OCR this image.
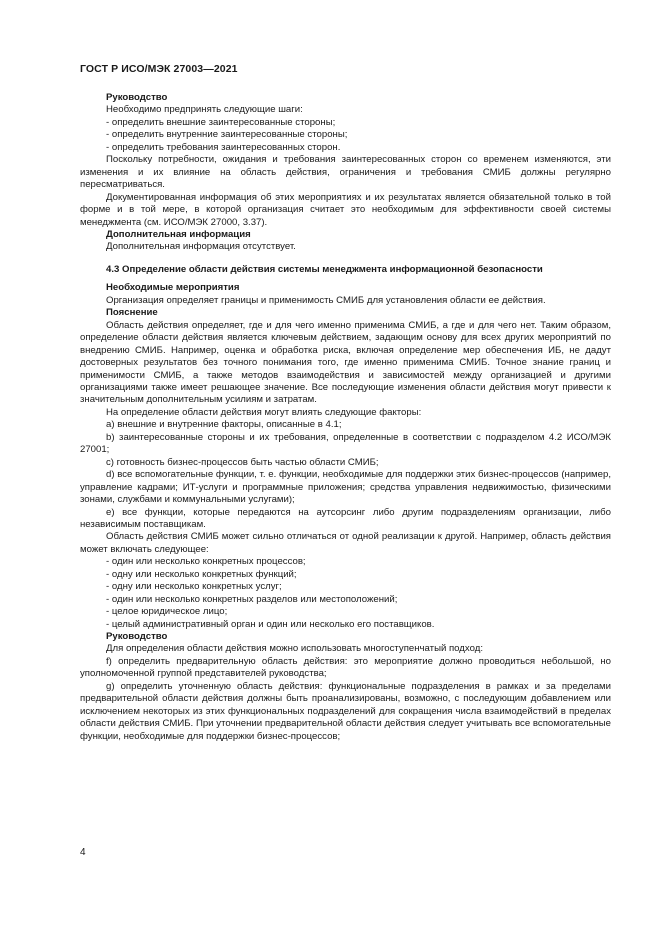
ГОСТ Р ИСО/МЭК 27003—2021

Руководство

Необходимо предпринять следующие шаги:

- определить внешние заинтересованные стороны;

- определить внутренние заинтересованные стороны;

- определить требования заинтересованных сторон.

Поскольку потребности, ожидания и требования заинтересованных сторон со временем изменяются, эти изменения и их влияние на область действия, ограничения и требования СМИБ должны регулярно пересматриваться.

Документированная информация об этих мероприятиях и их результатах является обязательной только в той форме и в той мере, в которой организация считает это необходимым для эффективности своей системы менеджмента (см. ИСО/МЭК 27000, 3.37).

Дополнительная информация

Дополнительная информация отсутствует.

4.3 Определение области действия системы менеджмента информационной безопасности

Необходимые мероприятия

Организация определяет границы и применимость СМИБ для установления области ее действия.

Пояснение

Область действия определяет, где и для чего именно применима СМИБ, а где и для чего нет. Таким образом, определение области действия является ключевым действием, задающим основу для всех других мероприятий по внедрению СМИБ. Например, оценка и обработка риска, включая определение мер обеспечения ИБ, не дадут достоверных результатов без точного понимания того, где именно применима СМИБ. Точное знание границ и применимости СМИБ, а также методов взаимодействия и зависимостей между организацией и другими организациями также имеет решающее значение. Все последующие изменения области действия могут привести к значительным дополнительным усилиям и затратам.

На определение области действия могут влиять следующие факторы:

a) внешние и внутренние факторы, описанные в 4.1;

b) заинтересованные стороны и их требования, определенные в соответствии с подразделом 4.2 ИСО/МЭК 27001;

c) готовность бизнес-процессов быть частью области СМИБ;

d) все вспомогательные функции, т. е. функции, необходимые для поддержки этих бизнес-процессов (например, управление кадрами; ИТ-услуги и программные приложения; средства управления недвижимостью, физическими зонами, службами и коммунальными услугами);

e) все функции, которые передаются на аутсорсинг либо другим подразделениям организации, либо независимым поставщикам.

Область действия СМИБ может сильно отличаться от одной реализации к другой. Например, область действия может включать следующее:

- один или несколько конкретных процессов;

- одну или несколько конкретных функций;

- одну или несколько конкретных услуг;

- один или несколько конкретных разделов или местоположений;

- целое юридическое лицо;

- целый административный орган и один или несколько его поставщиков.

Руководство

Для определения области действия можно использовать многоступенчатый подход:

f) определить предварительную область действия: это мероприятие должно проводиться небольшой, но уполномоченной группой представителей руководства;

g) определить уточненную область действия: функциональные подразделения в рамках и за пределами предварительной области действия должны быть проанализированы, возможно, с последующим добавлением или исключением некоторых из этих функциональных подразделений для сокращения числа взаимодействий в пределах области действия СМИБ. При уточнении предварительной области действия следует учитывать все вспомогательные функции, необходимые для поддержки бизнес-процессов;

4
